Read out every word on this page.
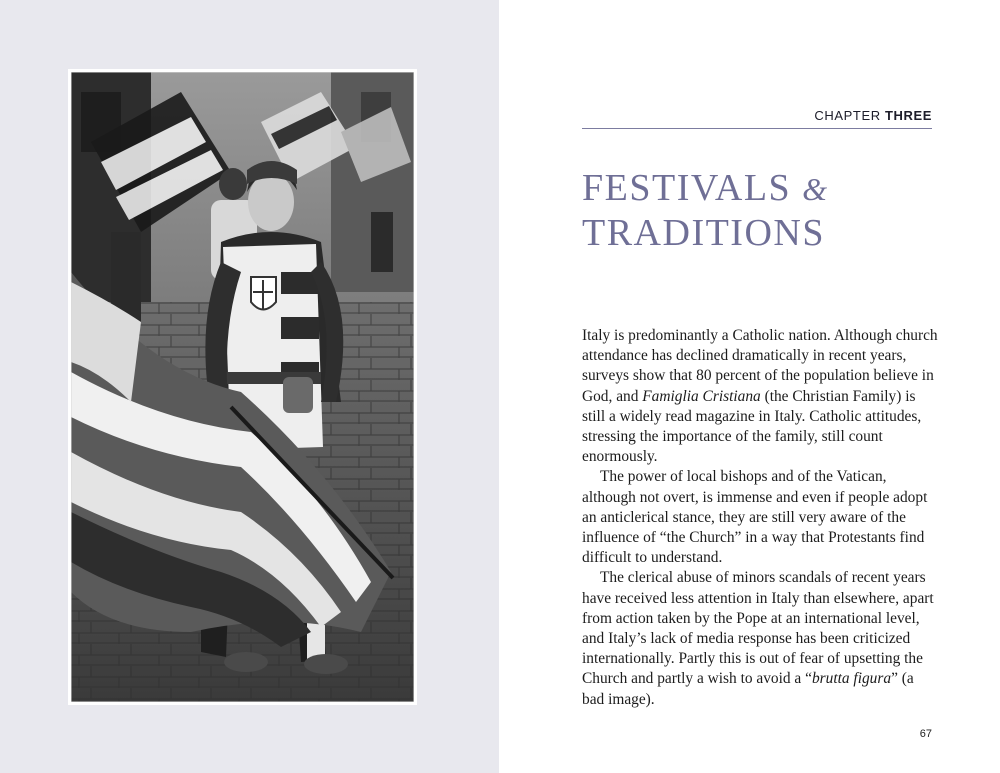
CHAPTER THREE
FESTIVALS &
TRADITIONS

Italy is predominantly a Catholic nation. Although church attendance has declined dramatically in recent years, surveys show that 80 percent of the population believe in God, and Famiglia Cristiana (the Christian Family) is still a widely read magazine in Italy. Catholic attitudes, stressing the importance of the family, still count enormously.

The power of local bishops and of the Vatican, although not overt, is immense and even if people adopt an anticlerical stance, they are still very aware of the influence of “the Church” in a way that Protestants find difficult to understand.

The clerical abuse of minors scandals of recent years have received less attention in Italy than elsewhere, apart from action taken by the Pope at an international level, and Italy’s lack of media response has been criticized internationally. Partly this is out of fear of upsetting the Church and partly a wish to avoid a “brutta figura” (a bad image).

67
